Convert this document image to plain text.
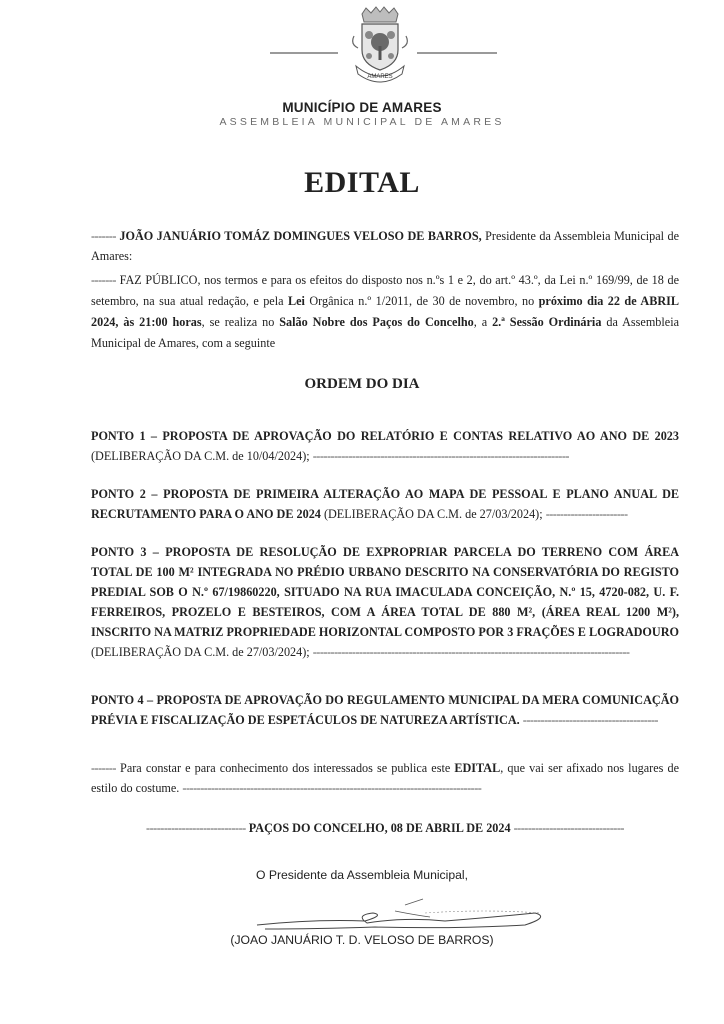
AMARES
MUNICÍPIO DE AMARES
ASSEMBLEIA MUNICIPAL DE AMARES
EDITAL
------- JOÃO JANUÁRIO TOMÁZ DOMINGUES VELOSO DE BARROS, Presidente da Assembleia Municipal de Amares:
------- FAZ PÚBLICO, nos termos e para os efeitos do disposto nos n.ºs 1 e 2, do art.º 43.º, da Lei n.º 169/99, de 18 de setembro, na sua atual redação, e pela Lei Orgânica n.º 1/2011, de 30 de novembro, no próximo dia 22 de ABRIL 2024, às 21:00 horas, se realiza no Salão Nobre dos Paços do Concelho, a 2.ª Sessão Ordinária da Assembleia Municipal de Amares, com a seguinte
ORDEM DO DIA
PONTO 1 – PROPOSTA DE APROVAÇÃO DO RELATÓRIO E CONTAS RELATIVO AO ANO DE 2023 (DELIBERAÇÃO DA C.M. de 10/04/2024); ------------------------------------------------------------------------
PONTO 2 – PROPOSTA DE PRIMEIRA ALTERAÇÃO AO MAPA DE PESSOAL E PLANO ANUAL DE RECRUTAMENTO PARA O ANO DE 2024 (DELIBERAÇÃO DA C.M. de 27/03/2024); -----------------------
PONTO 3 – PROPOSTA DE RESOLUÇÃO DE EXPROPRIAR PARCELA DO TERRENO COM ÁREA TOTAL DE 100 M² INTEGRADA NO PRÉDIO URBANO DESCRITO NA CONSERVATÓRIA DO REGISTO PREDIAL SOB O N.º 67/19860220, SITUADO NA RUA IMACULADA CONCEIÇÃO, N.º 15, 4720-082, U. F. FERREIROS, PROZELO E BESTEIROS, COM A ÁREA TOTAL DE 880 M², (ÁREA REAL 1200 M²), INSCRITO NA MATRIZ PROPRIEDADE HORIZONTAL COMPOSTO POR 3 FRAÇÕES E LOGRADOURO (DELIBERAÇÃO DA C.M. de 27/03/2024); -----------------------------------------------------------------------------------------
PONTO 4 – PROPOSTA DE APROVAÇÃO DO REGULAMENTO MUNICIPAL DA MERA COMUNICAÇÃO PRÉVIA E FISCALIZAÇÃO DE ESPETÁCULOS DE NATUREZA ARTÍSTICA. --------------------------------------
------- Para constar e para conhecimento dos interessados se publica este EDITAL, que vai ser afixado nos lugares de estilo do costume. ------------------------------------------------------------------------------------
---------------------------- PAÇOS DO CONCELHO, 08 DE ABRIL DE 2024 -------------------------------
O Presidente da Assembleia Municipal,
(JOAO JANUÁRIO T. D. VELOSO DE BARROS)
